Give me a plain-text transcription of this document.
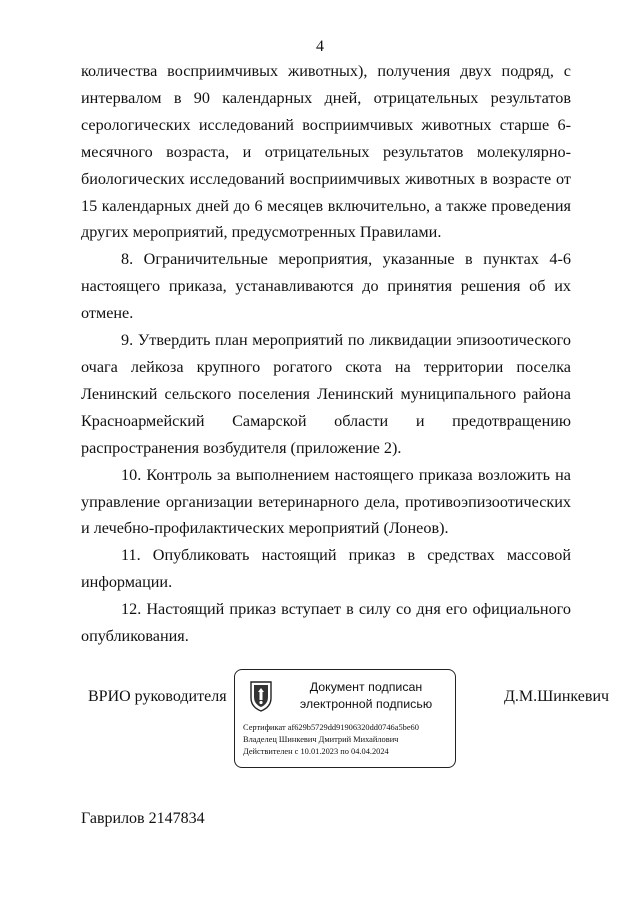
4

количества восприимчивых животных), получения двух подряд, с интервалом в 90 календарных дней, отрицательных результатов серологических исследований восприимчивых животных старше 6-месячного возраста, и отрицательных результатов молекулярно-биологических исследований восприимчивых животных в возрасте от 15 календарных дней до 6 месяцев включительно, а также проведения других мероприятий, предусмотренных Правилами.

8. Ограничительные мероприятия, указанные в пунктах 4-6 настоящего приказа, устанавливаются до принятия решения об их отмене.

9. Утвердить план мероприятий по ликвидации эпизоотического очага лейкоза крупного рогатого скота на территории поселка Ленинский сельского поселения Ленинский муниципального района Красноармейский Самарской области и предотвращению распространения возбудителя (приложение 2).

10. Контроль за выполнением настоящего приказа возложить на управление организации ветеринарного дела, противоэпизоотических и лечебно-профилактических мероприятий (Лонеов).

11. Опубликовать настоящий приказ в средствах массовой информации.

12. Настоящий приказ вступает в силу со дня его официального опубликования.

ВРИО руководителя	Д.М.Шинкевич
Документ подписан
электронной подписью
Сертификат af629b5729dd91906320dd0746a5be60
Владелец Шинкевич Дмитрий Михайлович
Действителен с 10.01.2023 по 04.04.2024
Гаврилов 2147834
